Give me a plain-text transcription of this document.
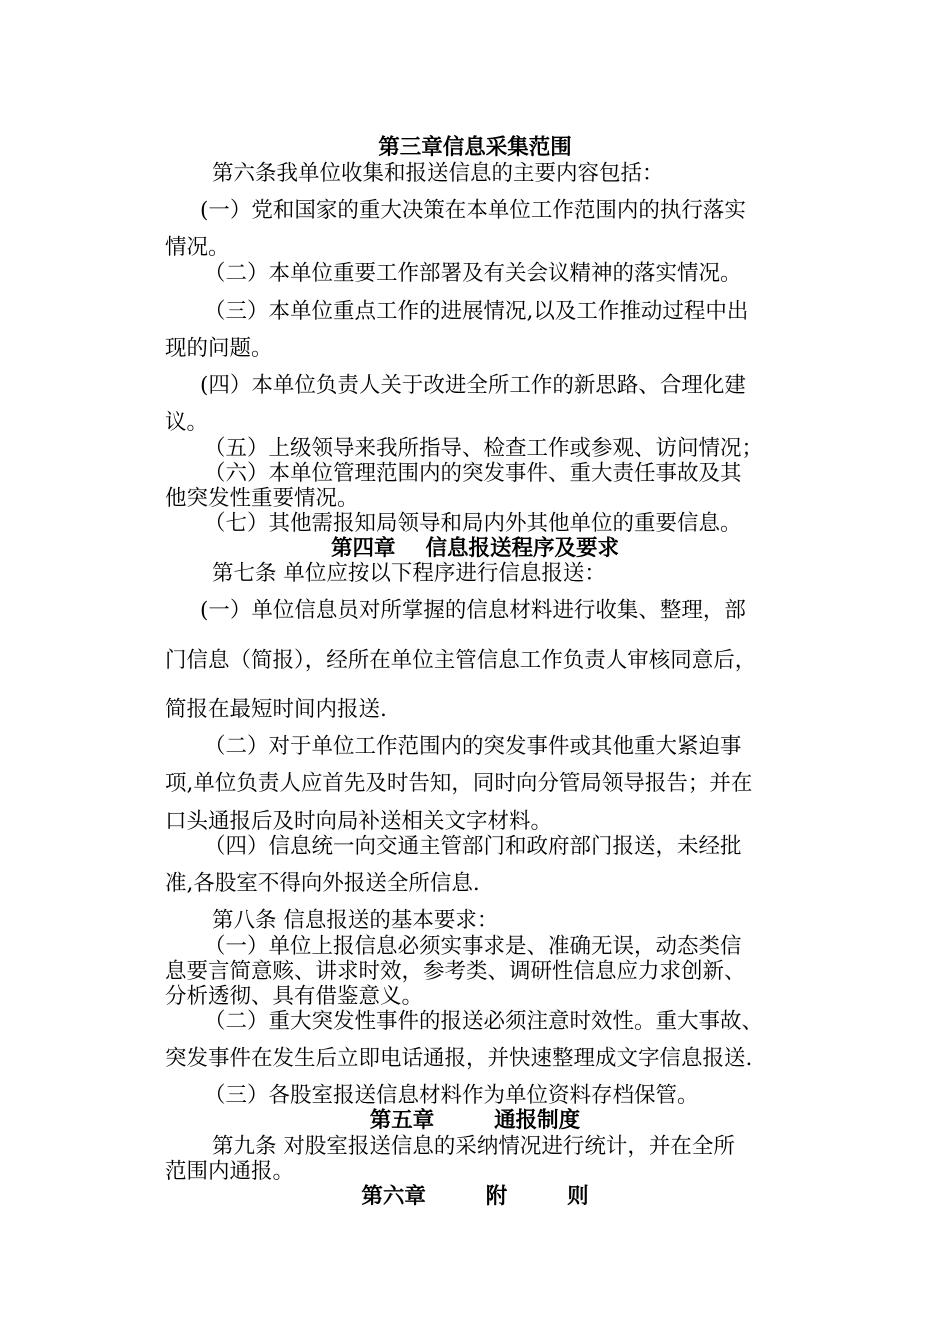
第三章信息采集范围
第六条我单位收集和报送信息的主要内容包括：
(一）党和国家的重大决策在本单位工作范围内的执行落实
情况。
（二）本单位重要工作部署及有关会议精神的落实情况。
（三）本单位重点工作的进展情况,以及工作推动过程中出
现的问题。
(四）本单位负责人关于改进全所工作的新思路、合理化建
议。
（五）上级领导来我所指导、检查工作或参观、访问情况；
（六）本单位管理范围内的突发事件、重大责任事故及其
他突发性重要情况。
（七）其他需报知局领导和局内外其他单位的重要信息。
第四章    信息报送程序及要求
第七条 单位应按以下程序进行信息报送：
(一）单位信息员对所掌握的信息材料进行收集、整理，部
门信息（简报），经所在单位主管信息工作负责人审核同意后，
简报在最短时间内报送.
（二）对于单位工作范围内的突发事件或其他重大紧迫事
项,单位负责人应首先及时告知，同时向分管局领导报告；并在
口头通报后及时向局补送相关文字材料。
（四）信息统一向交通主管部门和政府部门报送，未经批
准,各股室不得向外报送全所信息.
第八条 信息报送的基本要求：
（一）单位上报信息必须实事求是、准确无误，动态类信
息要言简意赅、讲求时效，参考类、调研性信息应力求创新、
分析透彻、具有借鉴意义。
（二）重大突发性事件的报送必须注意时效性。重大事故、
突发事件在发生后立即电话通报，并快速整理成文字信息报送.
（三）各股室报送信息材料作为单位资料存档保管。
第五章        通报制度
第九条 对股室报送信息的采纳情况进行统计，并在全所
范围内通报。
第六章        附        则
